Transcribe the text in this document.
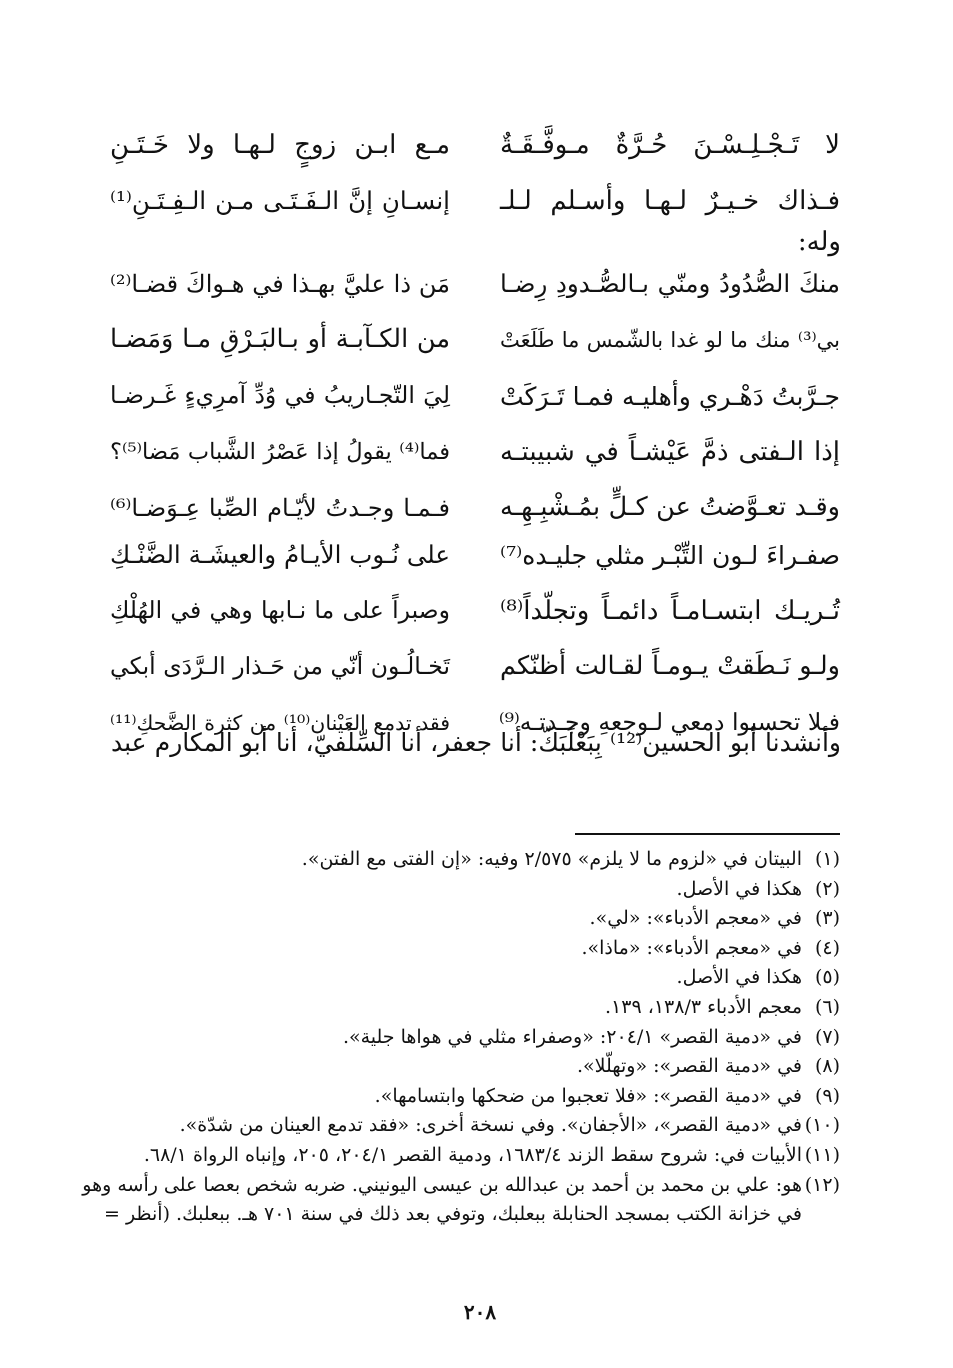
لا تَـجْـلِـسْـنَ حُـرَّةٌ مـوفَّـقَـةٌ
مـع ابـن زوجٍ لـهـا ولا خَـتَـنِ
فـذاك خـيـرٌ لـهـا وأسـلم لـلـ
إنسـانِ إنَّ الـفَـتَـى مـن الـفِـتَـنِ⁽¹⁾
وله:
منكَ الصُّدُودُ ومنّي بـالصُّـدودِ رِضـا
مَن ذا عليَّ بهـذا في هـواكَ قضـا⁽²⁾
بي⁽³⁾ منك ما لو غدا بالشّمس ما طَلَعَتْ
من الكـآبـة أو بـالبَـرْقِ مـا وَمَضـا
جـرَّبتُ دَهْـري وأهليـه فمـا تَـرَكَتْ
لِيَ التّجـاريبُ في وُدِّ آمرِيءٍ غَـرضـا
إذا الـفتى ذمَّ عَيْشـاً في شبيبتـه
فما⁽⁴⁾ يقولُ إذا عَصْرُ الشَّباب مَضا⁽⁵⁾؟
وقـد تعـوَّضتُ عن كـلٍّ بمُـشْبِـهِـه
فـمـا وجـدتُ لأيّـام الصِّبا عِـوَضـا⁽⁶⁾
صفـراءَ لـون التِّبْـر مثلي جليـده⁽⁷⁾
على نُـوب الأيـامُ والعيشَـة الضَّنْـكِ
تُـريـك ابتسـامـاً دائمـاً وتجلّداً⁽⁸⁾
وصبراً على ما نـابها وهي في الهُلْكِ
ولـو نَـطَقتْ يـومـاً لقـالت أظنّكم
تَخـالُـون أنّي من حَـذار الـرَّدَى أبكي
فـلا تحسبوا دمعي لـوجعهِ وجـدتـه⁽⁹⁾
فقد تدمع العَيْنان⁽¹⁰⁾ من كثرة الضَّحكِ⁽¹¹⁾
وأنشدنا أبو الحسين⁽¹²⁾ بِبَعْلَبَكّ: أنا جعفر، أنا السِّلَفيّ، أنا أبو المكارم عبد
(١)
البيتان في «لزوم ما لا يلزم» ٢/٥٧٥ وفيه: «إن الفتى مع الفتن».
(٢)
هكذا في الأصل.
(٣)
في «معجم الأدباء»: «لي».
(٤)
في «معجم الأدباء»: «ماذا».
(٥)
هكذا في الأصل.
(٦)
معجم الأدباء ١٣٨/٣، ١٣٩.
(٧)
في «دمية القصر» ٢٠٤/١: «وصفراء مثلي في هواها جلية».
(٨)
في «دمية القصر»: «وتهلّلا».
(٩)
في «دمية القصر»: «فلا تعجبوا من ضحكها وابتسامها».
(١٠)
في «دمية القصر»، «الأجفان». وفي نسخة أخرى: «فقد تدمع العينان من شدّة».
(١١)
الأبيات في: شروح سقط الزند ١٦٨٣/٤، ودمية القصر ٢٠٤/١، ٢٠٥، وإنباه الرواة ٦٨/١.
(١٢)
هو: علي بن محمد بن أحمد بن عبدالله بن عيسى اليونيني. ضربه شخص بعصا على رأسه وهو
في خزانة الكتب بمسجد الحنابلة ببعلبك، وتوفي بعد ذلك في سنة ٧٠١ هـ. ببعلبك. (أنظر =
٢٠٨
